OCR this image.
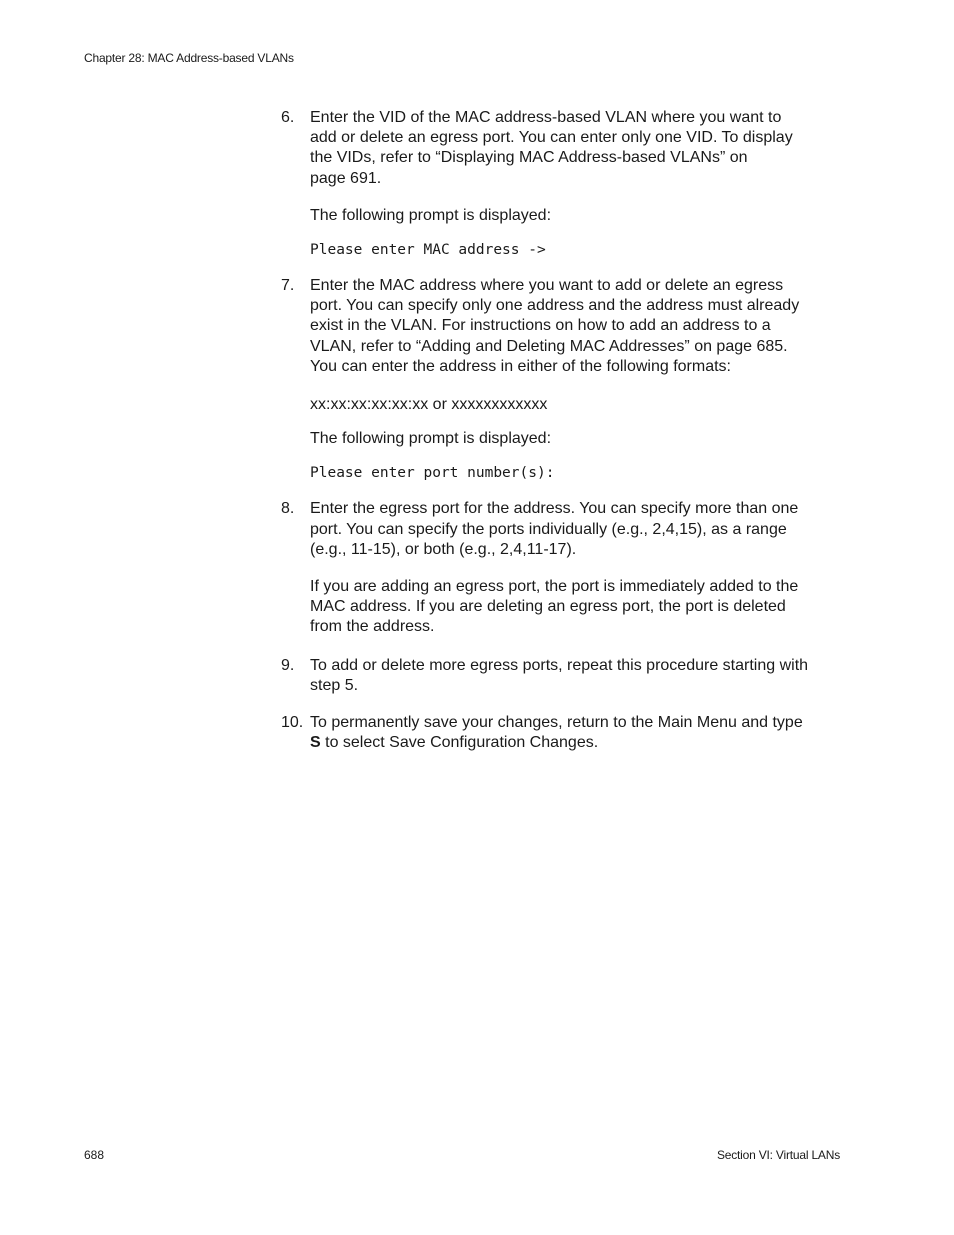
Chapter 28: MAC Address-based VLANs
6. Enter the VID of the MAC address-based VLAN where you want to
add or delete an egress port. You can enter only one VID. To display
the VIDs, refer to “Displaying MAC Address-based VLANs” on
page 691.

The following prompt is displayed:

Please enter MAC address ->

7. Enter the MAC address where you want to add or delete an egress
port. You can specify only one address and the address must already
exist in the VLAN. For instructions on how to add an address to a
VLAN, refer to “Adding and Deleting MAC Addresses” on page 685.
You can enter the address in either of the following formats:

xx:xx:xx:xx:xx:xx or xxxxxxxxxxxx

The following prompt is displayed:

Please enter port number(s):

8. Enter the egress port for the address. You can specify more than one
port. You can specify the ports individually (e.g., 2,4,15), as a range
(e.g., 11-15), or both (e.g., 2,4,11-17).

If you are adding an egress port, the port is immediately added to the
MAC address. If you are deleting an egress port, the port is deleted
from the address.

9. To add or delete more egress ports, repeat this procedure starting with
step 5.

10. To permanently save your changes, return to the Main Menu and type
S to select Save Configuration Changes.

688	Section VI: Virtual LANs
